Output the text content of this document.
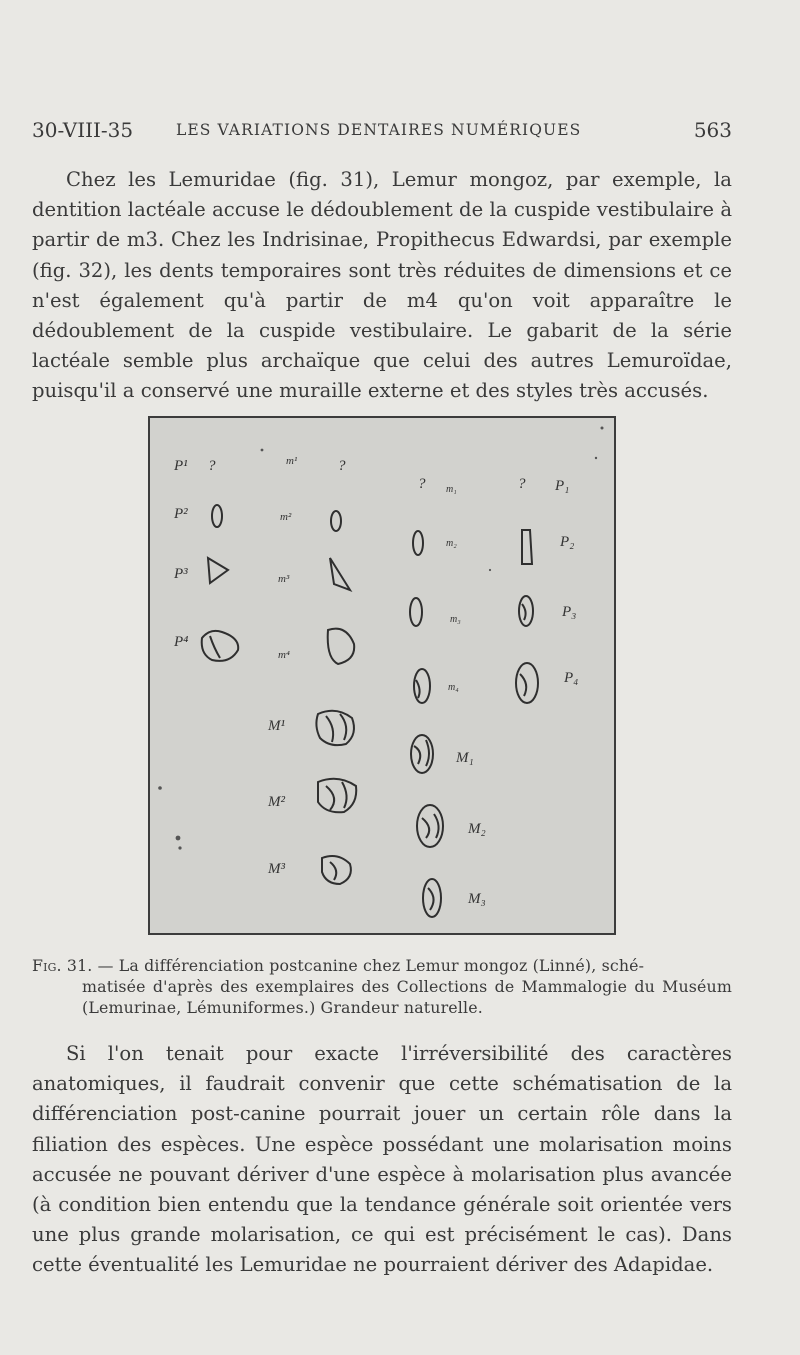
30-VIII-35	LES VARIATIONS DENTAIRES NUMÉRIQUES	563

Chez les Lemuridae (fig. 31), Lemur mongoz, par exemple, la dentition lactéale accuse le dédoublement de la cuspide vestibulaire à partir de m3. Chez les Indrisinae, Propithecus Edwardsi, par exemple (fig. 32), les dents temporaires sont très réduites de dimensions et ce n'est également qu'à partir de m4 qu'on voit apparaître le dédoublement de la cuspide vestibulaire. Le gabarit de la série lactéale semble plus archaïque que celui des autres Lemuroïdae, puisqu'il a conservé une muraille externe et des styles très accusés.

P¹
P²
P³
P⁴
M¹
M²
M³
?
m²
m³
m⁴
m¹	?
? m₁
m₂
m₃
m₄
? P₁
P₂
P₃
P₄
M₁
M₂
M₃

Fig. 31. — La différenciation postcanine chez Lemur mongoz (Linné), sché-
matisée d'après des exemplaires des Collections de Mammalogie du Muséum (Lemurinae, Lémuniformes.) Grandeur naturelle.

Si l'on tenait pour exacte l'irréversibilité des caractères anatomiques, il faudrait convenir que cette schématisation de la différenciation post-canine pourrait jouer un certain rôle dans la filiation des espèces. Une espèce possédant une molarisation moins accusée ne pouvant dériver d'une espèce à molarisation plus avancée (à condition bien entendu que la tendance générale soit orientée vers une plus grande molarisation, ce qui est précisément le cas). Dans cette éventualité les Lemuridae ne pourraient dériver des Adapidae.
